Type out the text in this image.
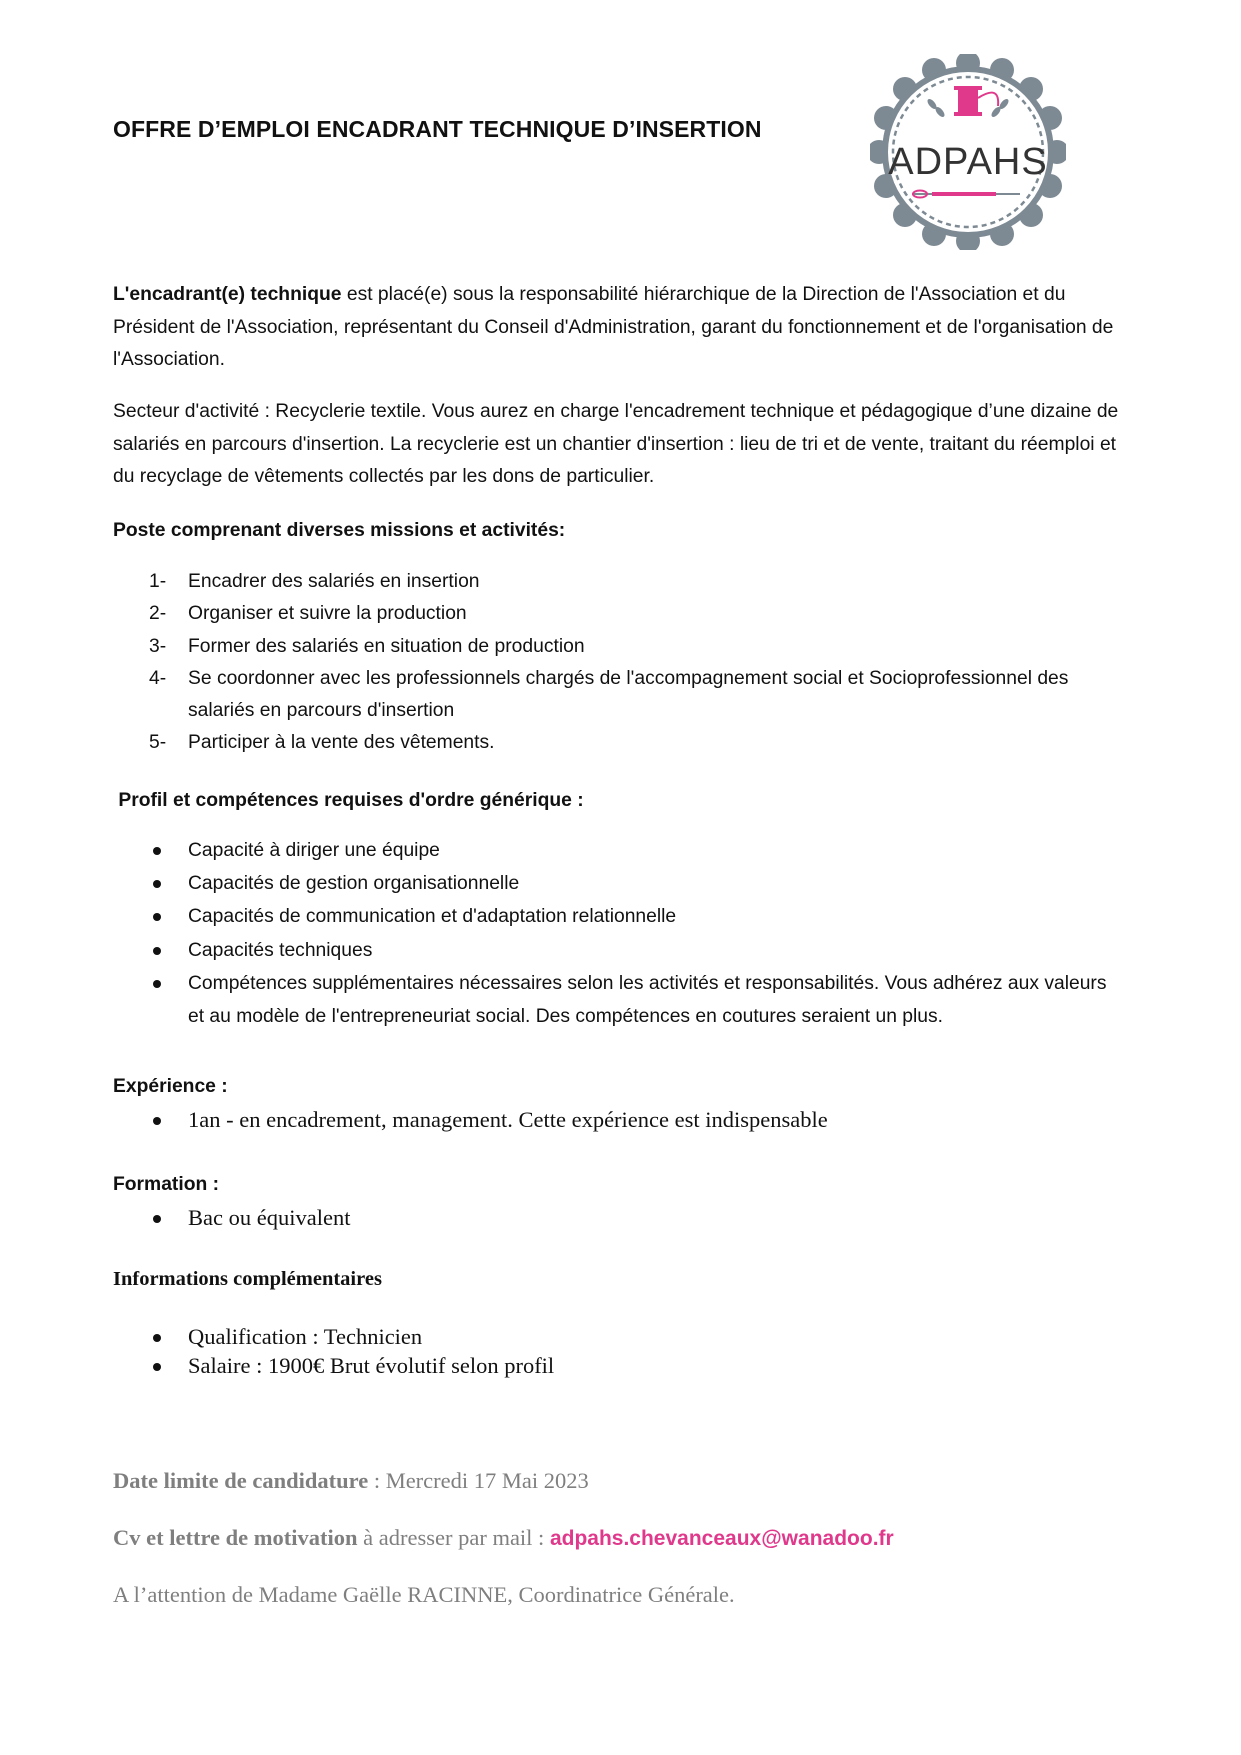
OFFRE D’EMPLOI ENCADRANT TECHNIQUE D’INSERTION
ADPAHS

L'encadrant(e) technique est placé(e) sous la responsabilité hiérarchique de la Direction de l'Association et du Président de l'Association, représentant du Conseil d'Administration, garant du fonctionnement et de l'organisation de l'Association.

Secteur d'activité : Recyclerie textile. Vous aurez en charge l'encadrement technique et pédagogique d’une dizaine de salariés en parcours d'insertion. La recyclerie est un chantier d'insertion : lieu de tri et de vente, traitant du réemploi et du recyclage de vêtements collectés par les dons de particulier.

Poste comprenant diverses missions et activités:

1- Encadrer des salariés en insertion
2- Organiser et suivre la production
3- Former des salariés en situation de production
4- Se coordonner avec les professionnels chargés de l'accompagnement social et Socioprofessionnel des salariés en parcours d'insertion
5- Participer à la vente des vêtements.

Profil et compétences requises d'ordre générique :

Capacité à diriger une équipe
Capacités de gestion organisationnelle
Capacités de communication et d'adaptation relationnelle
Capacités techniques
Compétences supplémentaires nécessaires selon les activités et responsabilités. Vous adhérez aux valeurs et au modèle de l'entrepreneuriat social. Des compétences en coutures seraient un plus.

Expérience :

1an - en encadrement, management. Cette expérience est indispensable

Formation :

Bac ou équivalent

Informations complémentaires

Qualification : Technicien
Salaire : 1900€ Brut évolutif selon profil

Date limite de candidature : Mercredi 17 Mai 2023

Cv et lettre de motivation à adresser par mail : adpahs.chevanceaux@wanadoo.fr

A l’attention de Madame Gaëlle RACINNE, Coordinatrice Générale.
